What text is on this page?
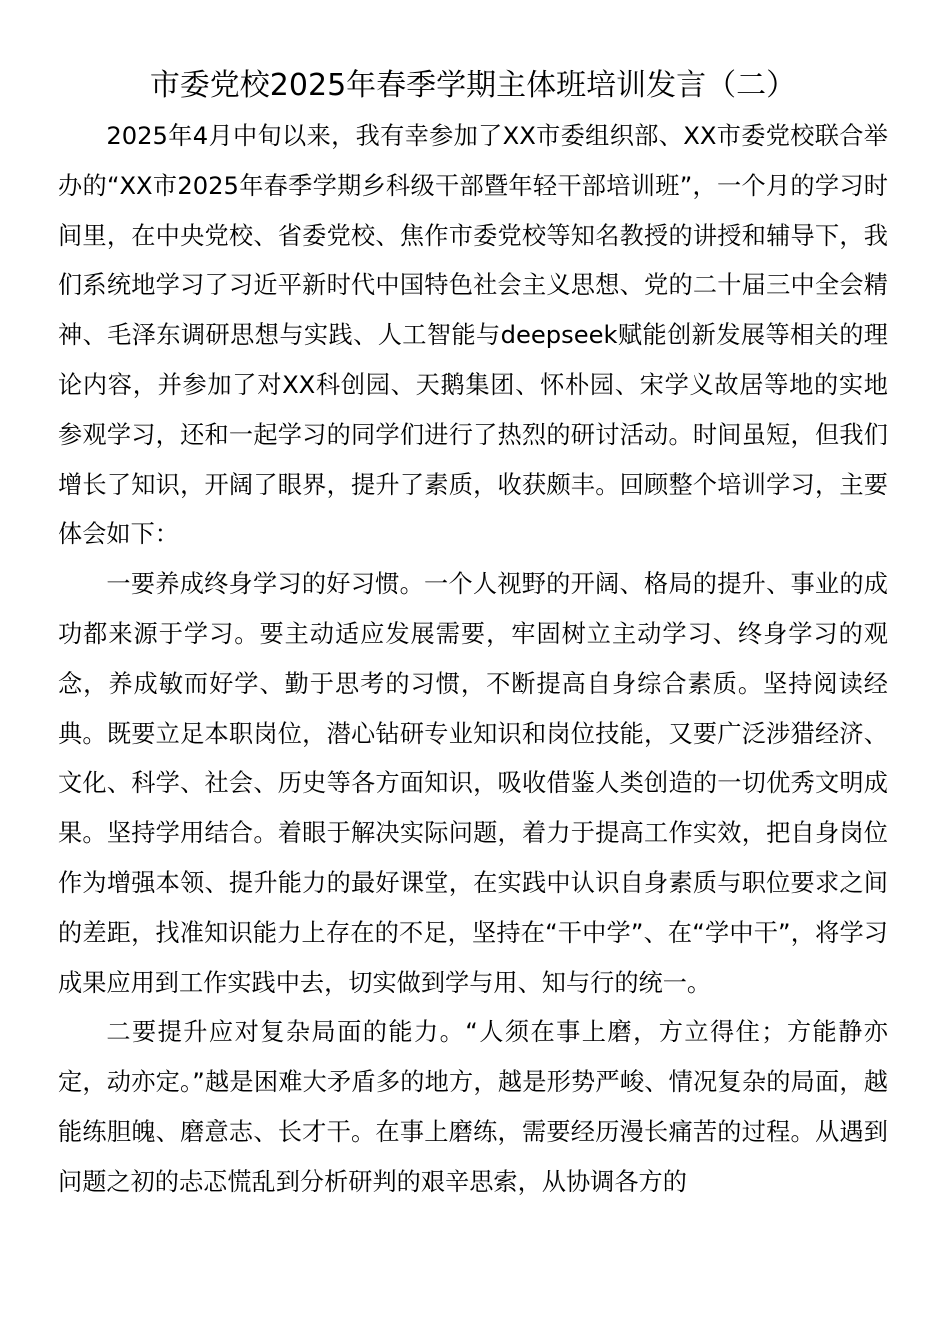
市委党校2025年春季学期主体班培训发言（二）

2025年4月中旬以来，我有幸参加了XX市委组织部、XX市委党校联合举办的“XX市2025年春季学期乡科级干部暨年轻干部培训班”，一个月的学习时间里，在中央党校、省委党校、焦作市委党校等知名教授的讲授和辅导下，我们系统地学习了习近平新时代中国特色社会主义思想、党的二十届三中全会精神、毛泽东调研思想与实践、人工智能与deepseek赋能创新发展等相关的理论内容，并参加了对XX科创园、天鹅集团、怀朴园、宋学义故居等地的实地参观学习，还和一起学习的同学们进行了热烈的研讨活动。时间虽短，但我们增长了知识，开阔了眼界，提升了素质，收获颇丰。回顾整个培训学习，主要体会如下：

一要养成终身学习的好习惯。一个人视野的开阔、格局的提升、事业的成功都来源于学习。要主动适应发展需要，牢固树立主动学习、终身学习的观念，养成敏而好学、勤于思考的习惯，不断提高自身综合素质。坚持阅读经典。既要立足本职岗位，潜心钻研专业知识和岗位技能，又要广泛涉猎经济、文化、科学、社会、历史等各方面知识，吸收借鉴人类创造的一切优秀文明成果。坚持学用结合。着眼于解决实际问题，着力于提高工作实效，把自身岗位作为增强本领、提升能力的最好课堂，在实践中认识自身素质与职位要求之间的差距，找准知识能力上存在的不足，坚持在“干中学”、在“学中干”，将学习成果应用到工作实践中去，切实做到学与用、知与行的统一。

二要提升应对复杂局面的能力。“人须在事上磨，方立得住；方能静亦定，动亦定。”越是困难大矛盾多的地方，越是形势严峻、情况复杂的局面，越能练胆魄、磨意志、长才干。在事上磨练，需要经历漫长痛苦的过程。从遇到问题之初的忐忑慌乱到分析研判的艰辛思索，从协调各方的
